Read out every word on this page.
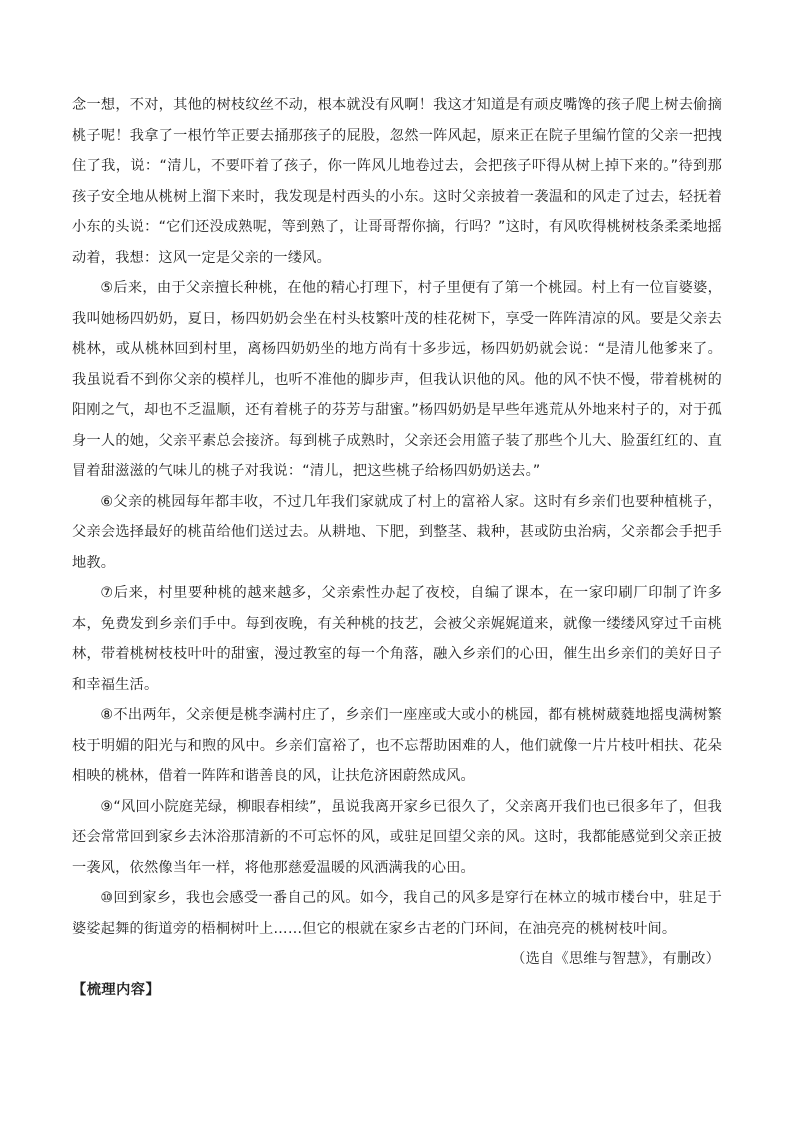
念一想，不对，其他的树枝纹丝不动，根本就没有风啊！我这才知道是有顽皮嘴馋的孩子爬上树去偷摘桃子呢！我拿了一根竹竿正要去捅那孩子的屁股，忽然一阵风起，原来正在院子里编竹筐的父亲一把拽住了我，说：“清儿，不要吓着了孩子，你一阵风儿地卷过去，会把孩子吓得从树上掉下来的。”待到那孩子安全地从桃树上溜下来时，我发现是村西头的小东。这时父亲披着一袭温和的风走了过去，轻抚着小东的头说：“它们还没成熟呢，等到熟了，让哥哥帮你摘，行吗？”这时，有风吹得桃树枝条柔柔地摇动着，我想：这风一定是父亲的一缕风。

⑤后来，由于父亲擅长种桃，在他的精心打理下，村子里便有了第一个桃园。村上有一位盲婆婆，我叫她杨四奶奶，夏日，杨四奶奶会坐在村头枝繁叶茂的桂花树下，享受一阵阵清凉的风。要是父亲去桃林，或从桃林回到村里，离杨四奶奶坐的地方尚有十多步远，杨四奶奶就会说：“是清儿他爹来了。我虽说看不到你父亲的模样儿，也听不准他的脚步声，但我认识他的风。他的风不快不慢，带着桃树的阳刚之气，却也不乏温顺，还有着桃子的芬芳与甜蜜。”杨四奶奶是早些年逃荒从外地来村子的，对于孤身一人的她，父亲平素总会接济。每到桃子成熟时，父亲还会用篮子装了那些个儿大、脸蛋红红的、直冒着甜滋滋的气味儿的桃子对我说：“清儿，把这些桃子给杨四奶奶送去。”

⑥父亲的桃园每年都丰收，不过几年我们家就成了村上的富裕人家。这时有乡亲们也要种植桃子，父亲会选择最好的桃苗给他们送过去。从耕地、下肥，到整茎、栽种，甚或防虫治病，父亲都会手把手地教。

⑦后来，村里要种桃的越来越多，父亲索性办起了夜校，自编了课本，在一家印刷厂印制了许多本，免费发到乡亲们手中。每到夜晚，有关种桃的技艺，会被父亲娓娓道来，就像一缕缕风穿过千亩桃林，带着桃树枝枝叶叶的甜蜜，漫过教室的每一个角落，融入乡亲们的心田，催生出乡亲们的美好日子和幸福生活。

⑧不出两年，父亲便是桃李满村庄了，乡亲们一座座或大或小的桃园，都有桃树葳蕤地摇曳满树繁枝于明媚的阳光与和煦的风中。乡亲们富裕了，也不忘帮助困难的人，他们就像一片片枝叶相扶、花朵相映的桃林，借着一阵阵和谐善良的风，让扶危济困蔚然成风。

⑨“风回小院庭芜绿，柳眼春相续”，虽说我离开家乡已很久了，父亲离开我们也已很多年了，但我还会常常回到家乡去沐浴那清新的不可忘怀的风，或驻足回望父亲的风。这时，我都能感觉到父亲正披一袭风，依然像当年一样，将他那慈爱温暖的风洒满我的心田。

⑩回到家乡，我也会感受一番自己的风。如今，我自己的风多是穿行在林立的城市楼台中，驻足于婆娑起舞的街道旁的梧桐树叶上……但它的根就在家乡古老的门环间，在油亮亮的桃树枝叶间。

（选自《思维与智慧》，有删改）

【梳理内容】
